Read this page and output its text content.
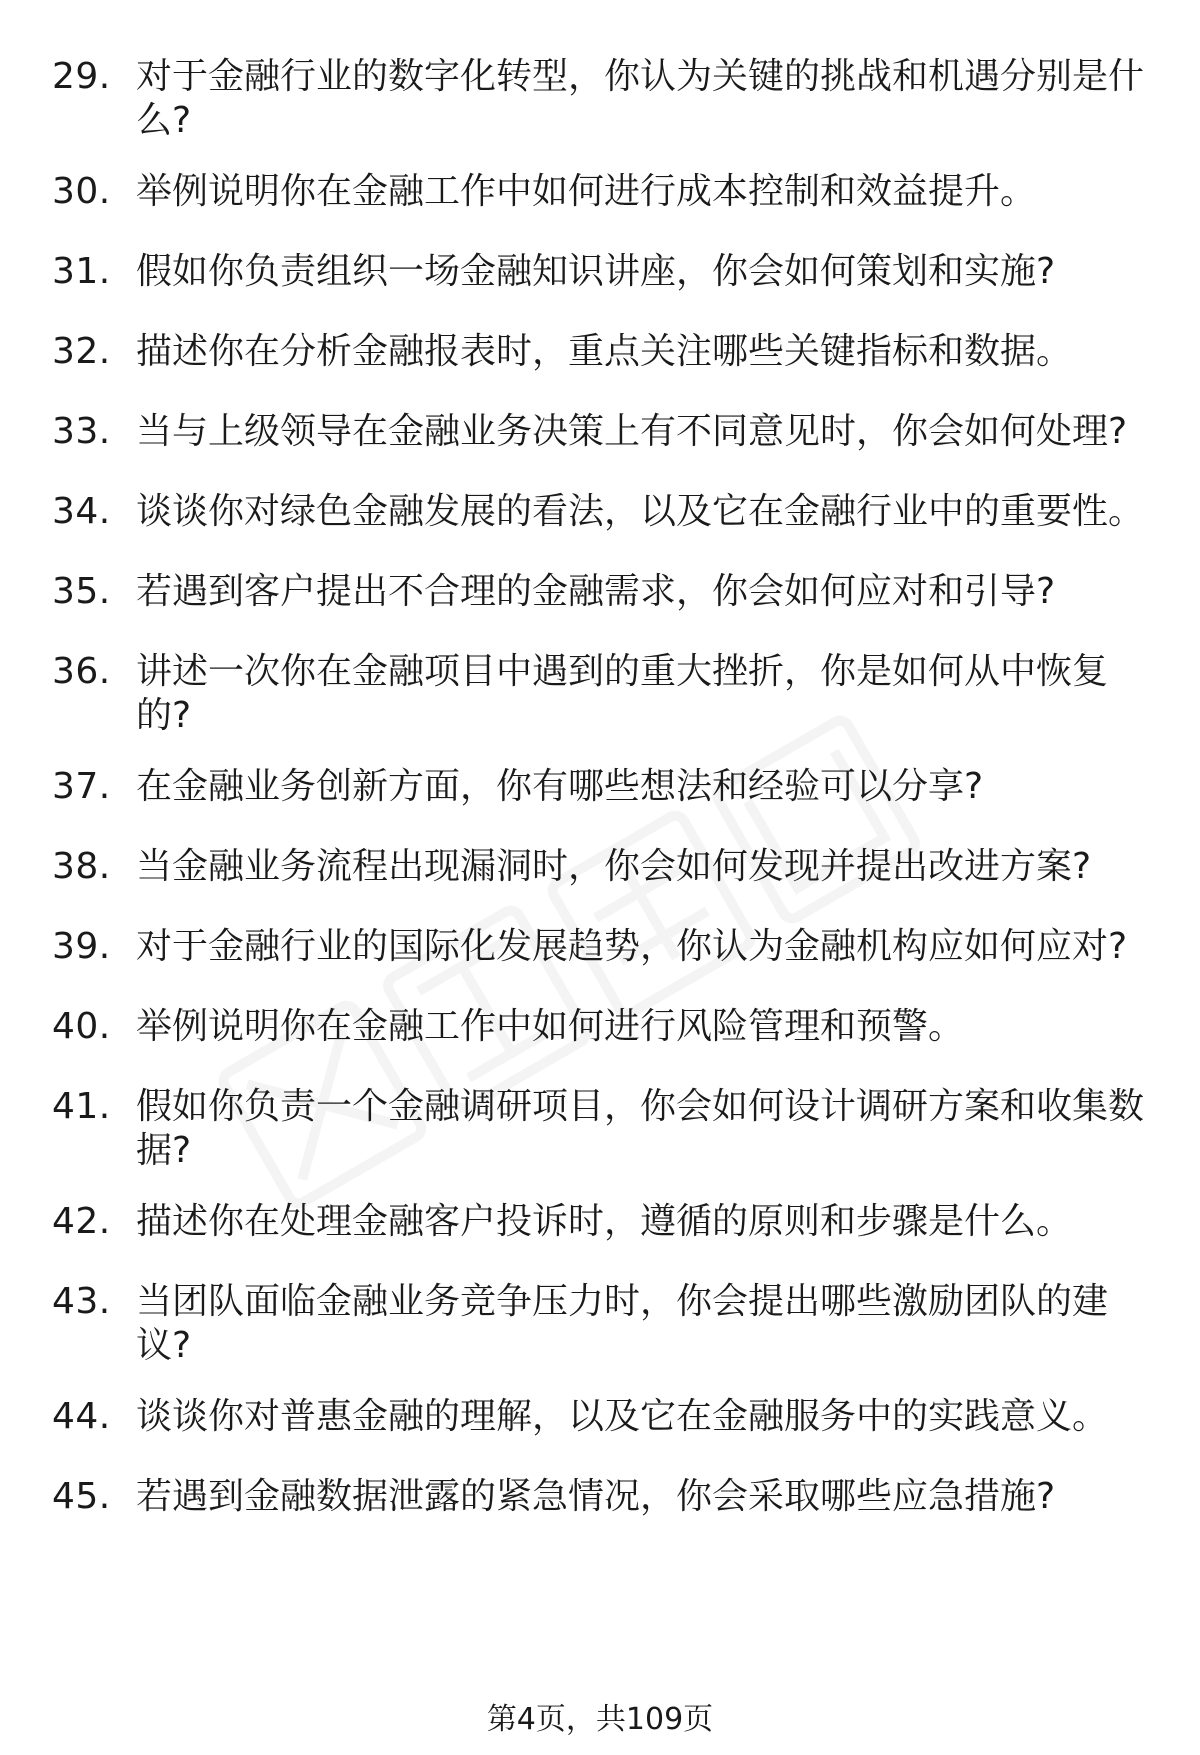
29. 对于金融行业的数字化转型，你认为关键的挑战和机遇分别是什么?
30. 举例说明你在金融工作中如何进行成本控制和效益提升。
31. 假如你负责组织一场金融知识讲座，你会如何策划和实施?
32. 描述你在分析金融报表时，重点关注哪些关键指标和数据。
33. 当与上级领导在金融业务决策上有不同意见时，你会如何处理?
34. 谈谈你对绿色金融发展的看法，以及它在金融行业中的重要性。
35. 若遇到客户提出不合理的金融需求，你会如何应对和引导?
36. 讲述一次你在金融项目中遇到的重大挫折，你是如何从中恢复的?
37. 在金融业务创新方面，你有哪些想法和经验可以分享?
38. 当金融业务流程出现漏洞时，你会如何发现并提出改进方案?
39. 对于金融行业的国际化发展趋势，你认为金融机构应如何应对?
40. 举例说明你在金融工作中如何进行风险管理和预警。
41. 假如你负责一个金融调研项目，你会如何设计调研方案和收集数据?
42. 描述你在处理金融客户投诉时，遵循的原则和步骤是什么。
43. 当团队面临金融业务竞争压力时，你会提出哪些激励团队的建议?
44. 谈谈你对普惠金融的理解，以及它在金融服务中的实践意义。
45. 若遇到金融数据泄露的紧急情况，你会采取哪些应急措施?
第4页，共109页
